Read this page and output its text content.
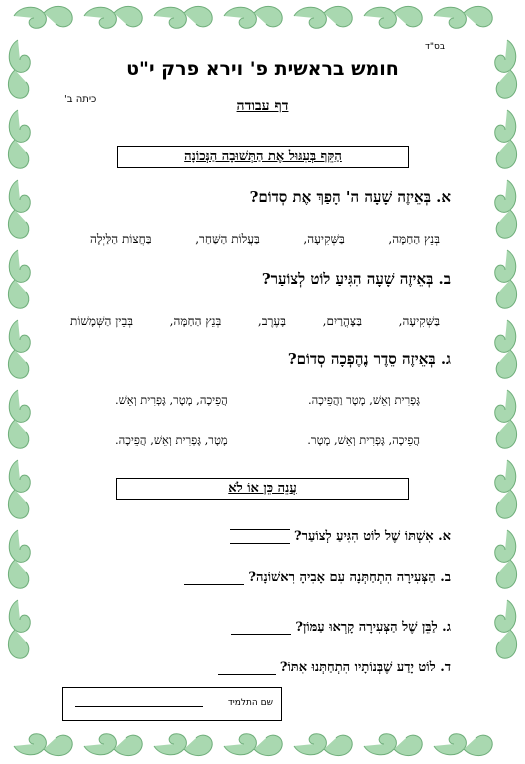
בס"ד
חומש בראשית פ' וירא פרק י"ט
כיתה ב'	דף עבודה
הַקֵּף בְּעִגּוּל אֶת הַתְּשׁוּבָה הַנְּכוֹנָה
א. בְּאֵיזֶה שָׁעָה ה' הָפַךְ אֶת סְדוֹם?
בְּנֵץ הַחַמָּה,
בַּשְּׁקִיעָה,
בַּעֲלוֹת הַשַּׁחַר,
בַּחֲצוֹת הַלַּיְלָה
ב. בְּאֵיזֶה שָׁעָה הִגִּיעַ לוֹט לְצוֹעַר?
בַּשְּׁקִיעָה,
בַּצָּהֳרַיִם,
בָּעֶרֶב,
בְּנֵץ הַחַמָּה,
בְּבֵין הַשְּׁמָשׁוֹת
ג. בְּאֵיזֶה סֵדֶר נֶהֶפְכָה סְדוֹם?
גָּפְרִית וְאֵשׁ, מָטָר וַהֲפֵיכָה.
הֲפֵיכָה, מָטָר, גָּפְרִית וְאֵשׁ.
הֲפֵיכָה, גָּפְרִית וְאֵשׁ, מָטָר.
מָטָר, גָּפְרִית וְאֵשׁ, הֲפֵיכָה.
עֲנֵה כֵּן אוֹ לֹא
א. אִשְׁתּוֹ שֶׁל לוֹט הִגִּיעַ לְצוֹעַר?
ב. הַצְּעִירָה הִתְחַתְּנָה עִם אָבִיהָ רִאשׁוֹנָה?
ג. לַבֵּן שֶׁל הַצְּעִירָה קָרְאוּ עַמּוֹן?
ד. לוֹט יָדַע שֶׁבְּנוֹתָיו הִתְחַתְּנוּ אִתּוֹ?
שם התלמיד
